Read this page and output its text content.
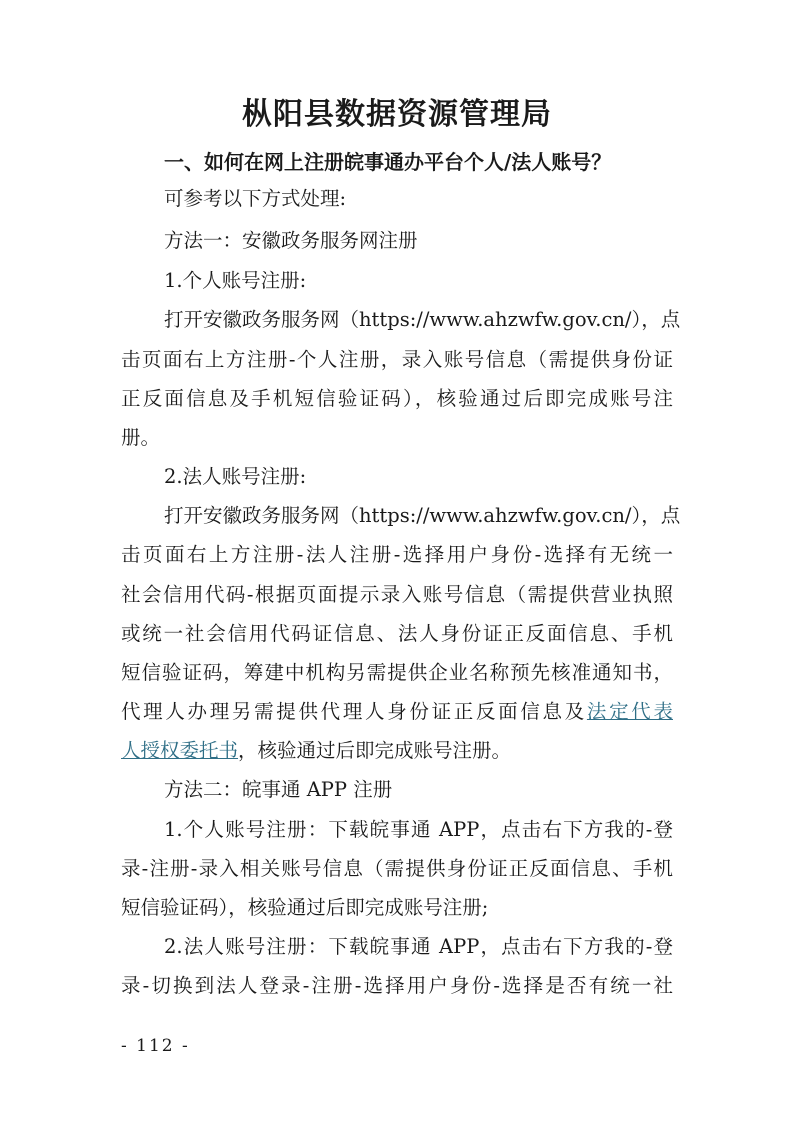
枞阳县数据资源管理局
一、如何在网上注册皖事通办平台个人/法人账号？
可参考以下方式处理:
方法一：安徽政务服务网注册
1.个人账号注册:
打开安徽政务服务网（https://www.ahzwfw.gov.cn/），点
击页面右上方注册-个人注册，录入账号信息（需提供身份证
正反面信息及手机短信验证码），核验通过后即完成账号注
册。
2.法人账号注册:
打开安徽政务服务网（https://www.ahzwfw.gov.cn/），点
击页面右上方注册-法人注册-选择用户身份-选择有无统一
社会信用代码-根据页面提示录入账号信息（需提供营业执照
或统一社会信用代码证信息、法人身份证正反面信息、手机
短信验证码，筹建中机构另需提供企业名称预先核准通知书，
代理人办理另需提供代理人身份证正反面信息及法定代表
人授权委托书，核验通过后即完成账号注册。
方法二：皖事通 APP 注册
1.个人账号注册：下载皖事通 APP，点击右下方我的-登
录-注册-录入相关账号信息（需提供身份证正反面信息、手机
短信验证码），核验通过后即完成账号注册;
2.法人账号注册：下载皖事通 APP，点击右下方我的-登
录-切换到法人登录-注册-选择用户身份-选择是否有统一社
- 112 -
